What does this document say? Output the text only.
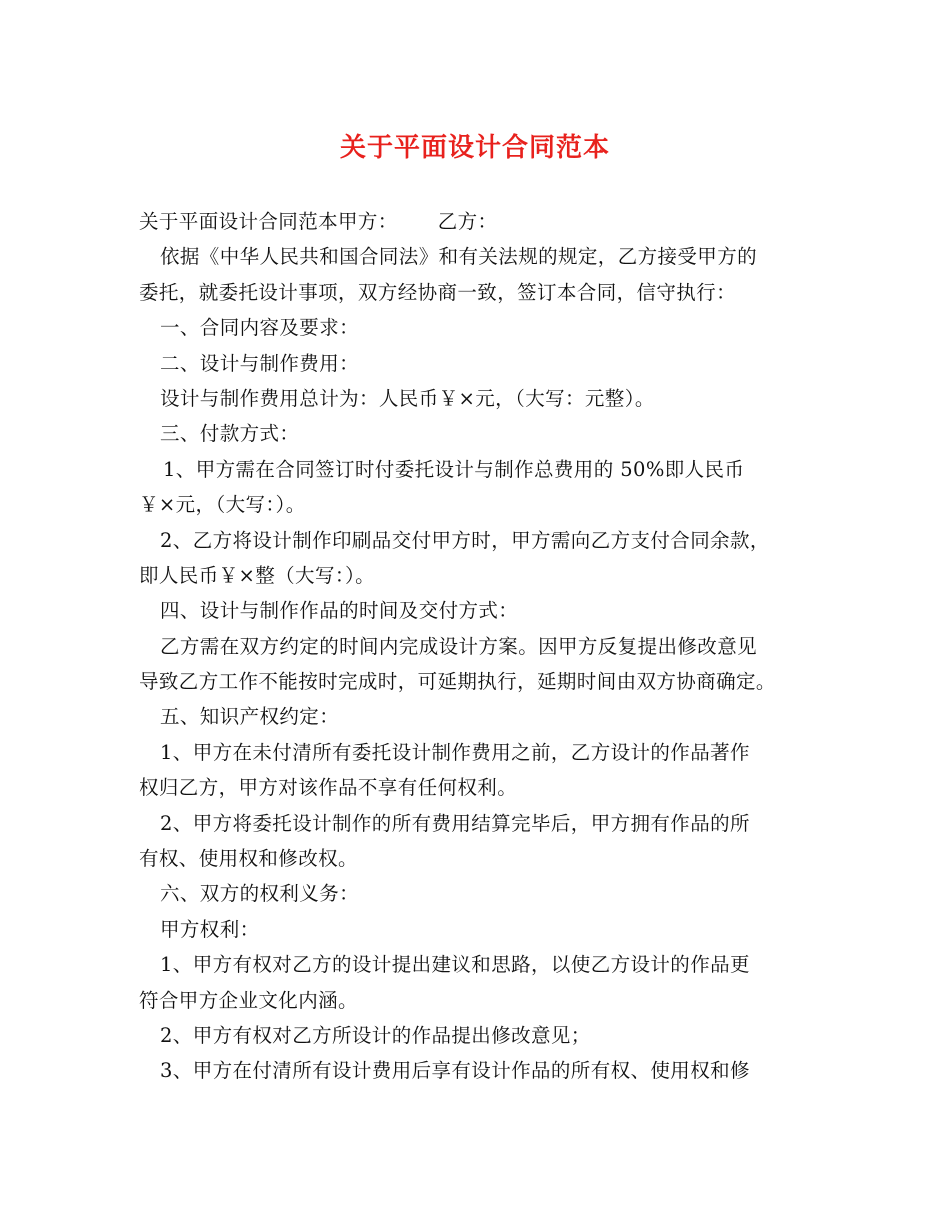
关于平面设计合同范本
关于平面设计合同范本甲方： 乙方：
依据《中华人民共和国合同法》和有关法规的规定，乙方接受甲方的
委托，就委托设计事项，双方经协商一致，签订本合同，信守执行：
一、合同内容及要求：
二、设计与制作费用：
设计与制作费用总计为：人民币￥×元，（大写：元整）。
三、付款方式：
1、甲方需在合同签订时付委托设计与制作总费用的 50%即人民币
￥×元，（大写：）。
2、乙方将设计制作印刷品交付甲方时，甲方需向乙方支付合同余款，
即人民币￥×整（大写：）。
四、设计与制作作品的时间及交付方式：
乙方需在双方约定的时间内完成设计方案。因甲方反复提出修改意见
导致乙方工作不能按时完成时，可延期执行，延期时间由双方协商确定。
五、知识产权约定：
1、甲方在未付清所有委托设计制作费用之前，乙方设计的作品著作
权归乙方，甲方对该作品不享有任何权利。
2、甲方将委托设计制作的所有费用结算完毕后，甲方拥有作品的所
有权、使用权和修改权。
六、双方的权利义务：
甲方权利：
1、甲方有权对乙方的设计提出建议和思路，以使乙方设计的作品更
符合甲方企业文化内涵。
2、甲方有权对乙方所设计的作品提出修改意见；
3、甲方在付清所有设计费用后享有设计作品的所有权、使用权和修
